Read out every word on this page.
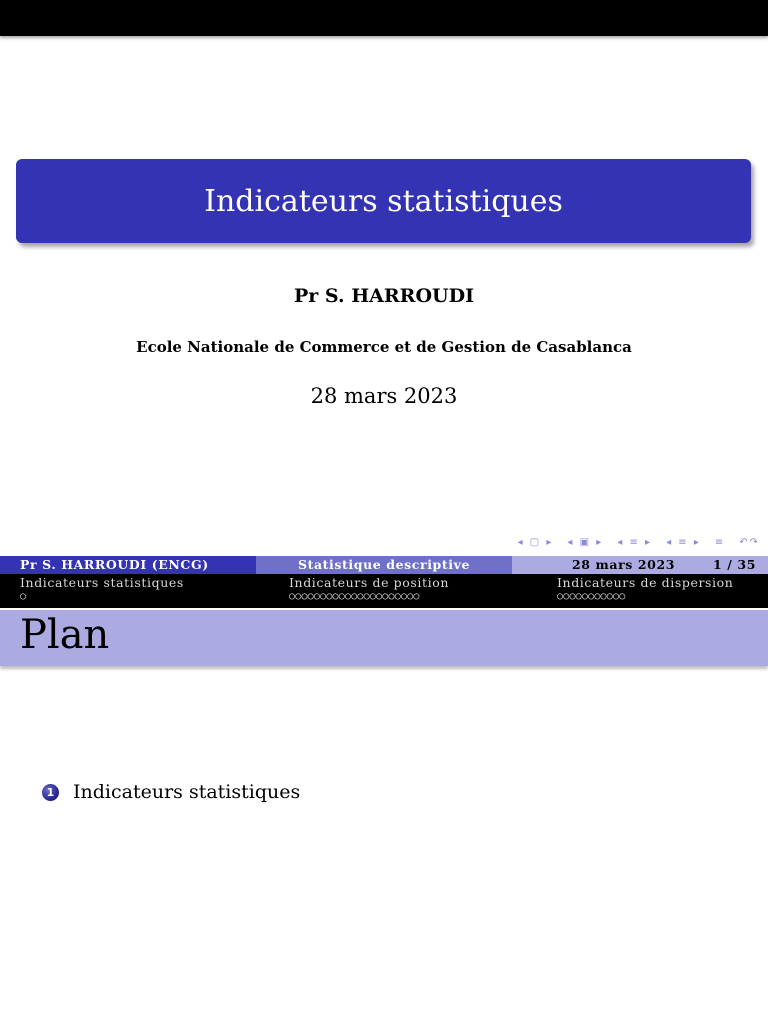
Indicateurs statistiques
Pr S. HARROUDI
Ecole Nationale de Commerce et de Gestion de Casablanca
28 mars 2023
◂ ▢ ▸ ◂ ▣ ▸ ◂ ≡ ▸ ◂ ≡ ▸ ≡ ↶↷
Pr S. HARROUDI (ENCG)	Statistique descriptive	28 mars 2023	1 / 35
Indicateurs statistiques
○
Indicateurs de position
○○○○○○○○○○○○○○○○○○○○○
Indicateurs de dispersion
○○○○○○○○○○○
Plan
1 Indicateurs statistiques
